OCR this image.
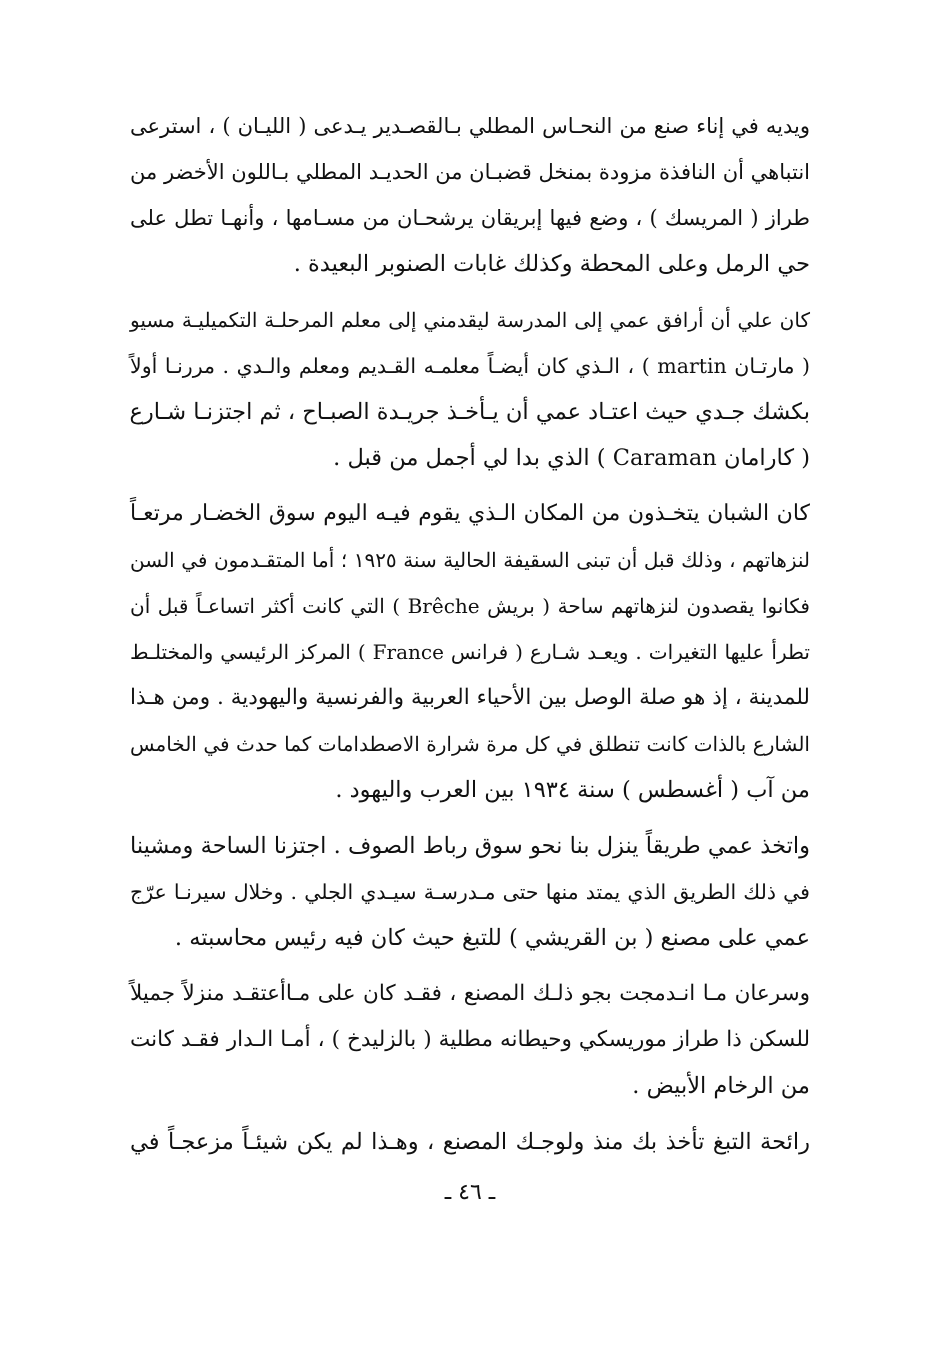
ويديه في إناء صنع من النحـاس المطلي بـالقصـدير يـدعى ( الليـان ) ، استرعى
انتباهي أن النافذة مزودة بمنخل قضبـان من الحديـد المطلي بـاللون الأخضر من
طراز ( المريسك ) ، وضع فيها إبريقان يرشحـان من مسـامها ، وأنهـا تطل على
حي الرمل وعلى المحطة وكذلك غابات الصنوبر البعيدة .

كان علي أن أرافق عمي إلى المدرسة ليقدمني إلى معلم المرحلـة التكميليـة مسيو
( مارتـان martin ) ، الـذي كان أيضـاً معلمـه القـديم ومعلم والـدي . مررنـا أولاً
بكشك جـدي حيث اعتـاد عمي أن يـأخـذ جريـدة الصبـاح ، ثم اجتزنـا شـارع
( كارامان Caraman ) الذي بدا لي أجمل من قبل .

كان الشبان يتخـذون من المكان الـذي يقوم فيـه اليوم سوق الخضـار مرتعـاً
لنزهاتهم ، وذلك قبل أن تبنى السقيفة الحالية سنة ١٩٢٥ ؛ أما المتقـدمون في السن
فكانوا يقصدون لنزهاتهم ساحة ( بريش Brêche ) التي كانت أكثر اتساعـاً قبل أن
تطرأ عليها التغيرات . ويعـد شـارع ( فرانس France ) المركز الرئيسي والمختلـط
للمدينة ، إذ هو صلة الوصل بين الأحياء العربية والفرنسية واليهودية . ومن هـذا
الشارع بالذات كانت تنطلق في كل مرة شرارة الاصطدامات كما حدث في الخامس
من آب ( أغسطس ) سنة ١٩٣٤ بين العرب واليهود .

واتخذ عمي طريقاً ينزل بنا نحو سوق رباط الصوف . اجتزنا الساحة ومشينا
في ذلك الطريق الذي يمتد منها حتى مـدرسـة سيـدي الجلي . وخلال سيرنـا عرّج
عمي على مصنع ( بن القريشي ) للتبغ حيث كان فيه رئيس محاسبته .

وسرعان مـا انـدمجت بجو ذلـك المصنع ، فقـد كان على مـاأعتقـد منزلاً جميلاً
للسكن ذا طراز موريسكي وحيطانه مطلية ( بالزليدخ ) ، أمـا الـدار فقـد كانت
من الرخام الأبيض .

رائحة التبغ تأخذ بك منذ ولوجـك المصنع ، وهـذا لم يكن شيئـاً مزعجـاً في

ـ ٤٦ ـ
